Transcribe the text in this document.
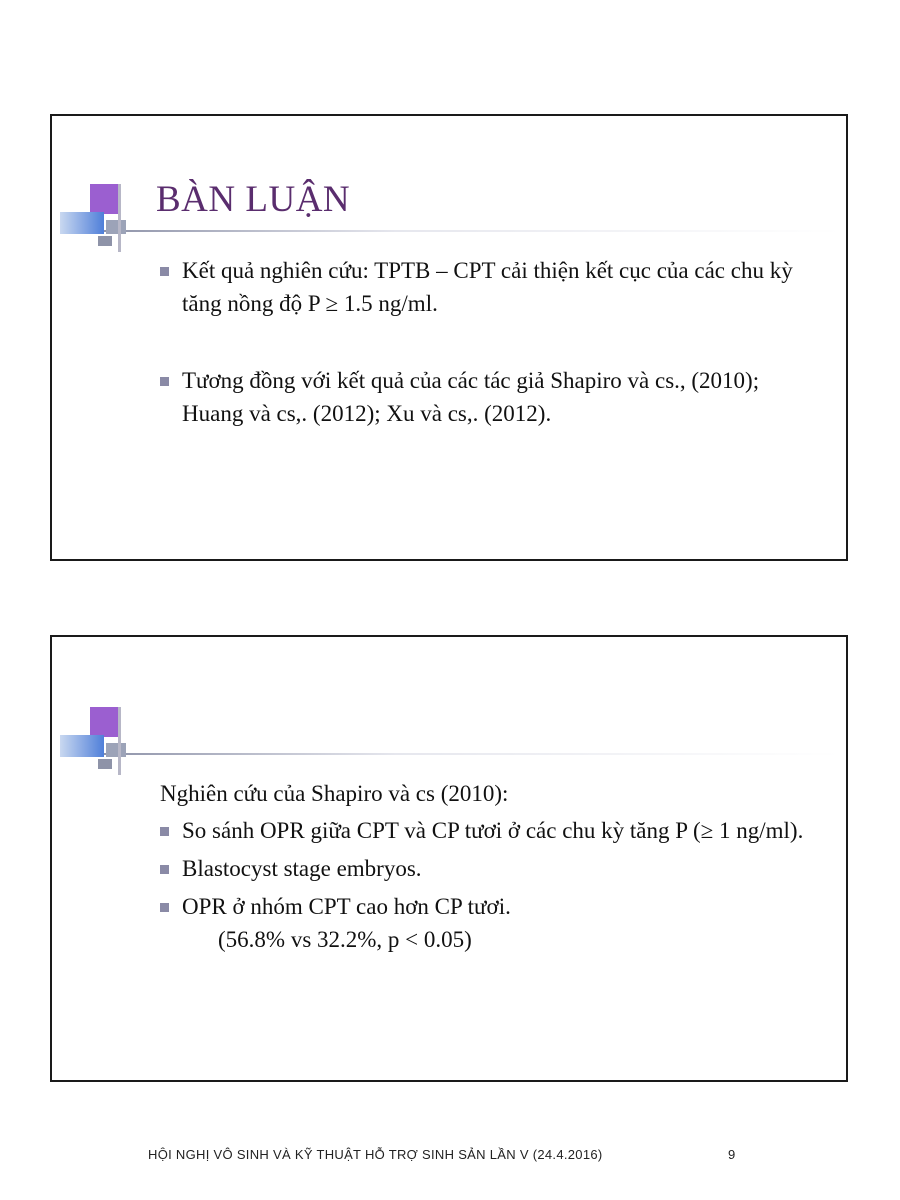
BÀN LUẬN
Kết quả nghiên cứu: TPTB – CPT cải thiện kết cục của các chu kỳ tăng nồng độ P ≥ 1.5 ng/ml.
Tương đồng với kết quả của các tác giả Shapiro và cs., (2010); Huang và cs,. (2012); Xu và cs,. (2012).
Nghiên cứu của Shapiro và cs (2010):
So sánh OPR giữa CPT và CP tươi ở các chu kỳ tăng P (≥ 1 ng/ml).
Blastocyst stage embryos.
OPR ở nhóm CPT cao hơn CP tươi.
(56.8% vs 32.2%, p < 0.05)
HỘI NGHỊ VÔ SINH VÀ KỸ THUẬT HỖ TRỢ SINH SẢN LẦN V (24.4.2016)	9
